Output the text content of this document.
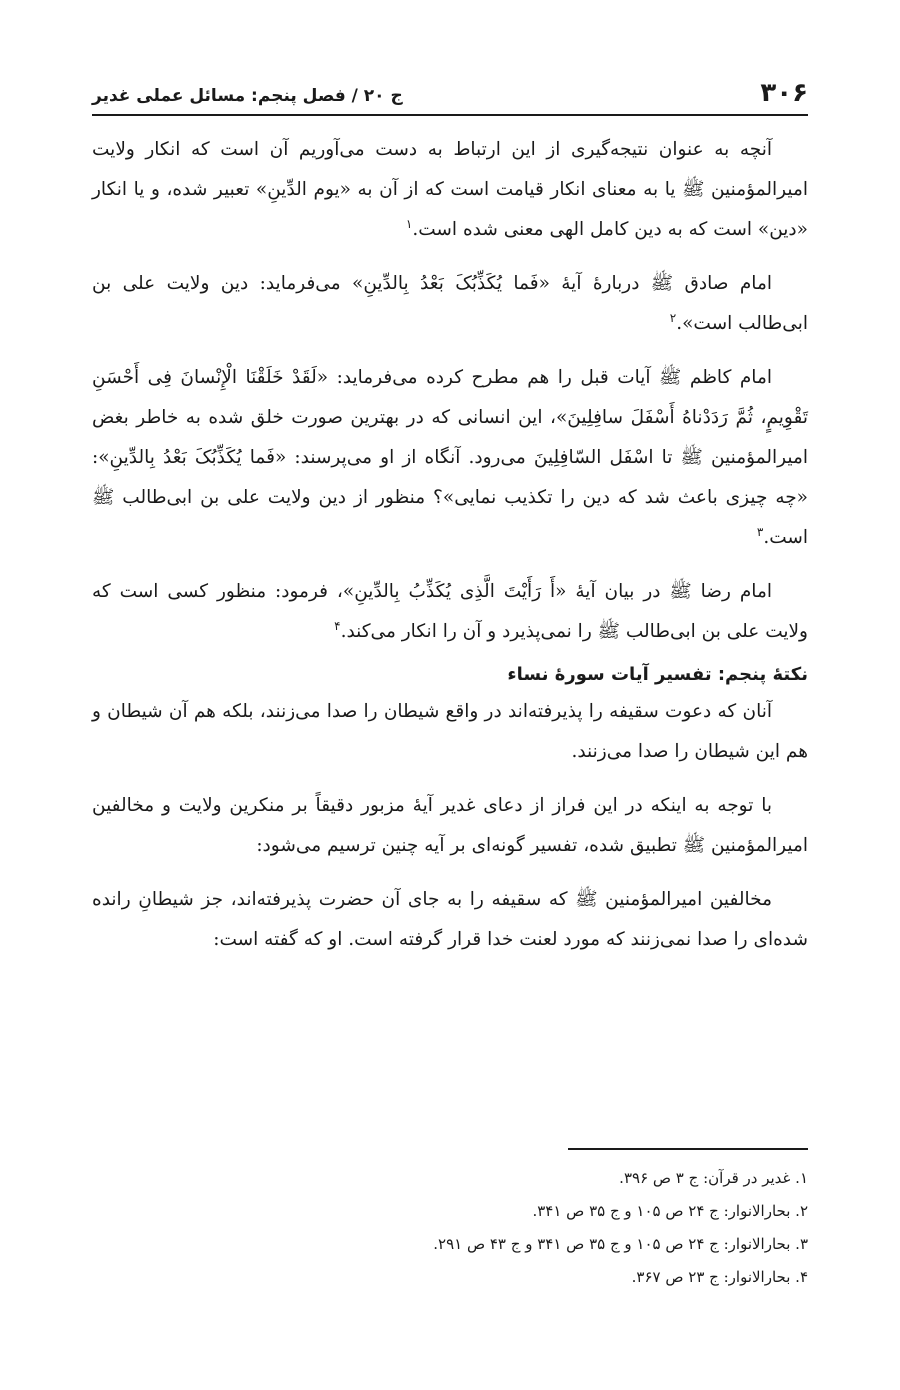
۳۰۶
ج ۲۰ / فصل پنجم: مسائل عملی غدیر

آنچه به عنوان نتیجه‌گیری از این ارتباط به دست می‌آوریم آن است که انکار ولایت امیرالمؤمنین ﷺ یا به معنای انکار قیامت است که از آن به «یوم الدِّینِ» تعبیر شده، و یا انکار «دین» است که به دین کامل الهی معنی شده است.$^۱$

امام صادق ﷺ دربارۀ آیۀ «فَما یُکَذِّبُکَ بَعْدُ بِالدِّینِ» می‌فرماید: دین ولایت علی بن ابی‌طالب است».$^۲$

امام کاظم ﷺ آیات قبل را هم مطرح کرده می‌فرماید: «لَقَدْ خَلَقْنَا الْإِنْسانَ فِی أَحْسَنِ تَقْوِیمٍ، ثُمَّ رَدَدْناهُ أَسْفَلَ سافِلِینَ»، این انسانی که در بهترین صورت خلق شده به خاطر بغض امیرالمؤمنین ﷺ تا اسْفَل السّافِلِینَ می‌رود. آنگاه از او می‌پرسند: «فَما یُکَذِّبُکَ بَعْدُ بِالدِّینِ»: «چه چیزی باعث شد که دین را تکذیب نمایی»؟ منظور از دین ولایت علی بن ابی‌طالب ﷺ است.$^۳$

امام رضا ﷺ در بیان آیۀ «أَ رَأَیْتَ الَّذِی یُکَذِّبُ بِالدِّینِ»، فرمود: منظور کسی است که ولایت علی بن ابی‌طالب ﷺ را نمی‌پذیرد و آن را انکار می‌کند.$^۴$

نکتۀ پنجم: تفسیر آیات سورۀ نساء

آنان که دعوت سقیفه را پذیرفته‌اند در واقع شیطان را صدا می‌زنند، بلکه هم آن شیطان و هم این شیطان را صدا می‌زنند.

با توجه به اینکه در این فراز از دعای غدیر آیۀ مزبور دقیقاً بر منکرین ولایت و مخالفین امیرالمؤمنین ﷺ تطبیق شده، تفسیر گونه‌ای بر آیه چنین ترسیم می‌شود:

مخالفین امیرالمؤمنین ﷺ که سقیفه را به جای آن حضرت پذیرفته‌اند، جز شیطانِ رانده شده‌ای را صدا نمی‌زنند که مورد لعنت خدا قرار گرفته است. او که گفته است:

۱. غدیر در قرآن: ج ۳ ص ۳۹۶.

۲. بحارالانوار: ج ۲۴ ص ۱۰۵ و ج ۳۵ ص ۳۴۱.

۳. بحارالانوار: ج ۲۴ ص ۱۰۵ و ج ۳۵ ص ۳۴۱ و ج ۴۳ ص ۲۹۱.

۴. بحارالانوار: ج ۲۳ ص ۳۶۷.
